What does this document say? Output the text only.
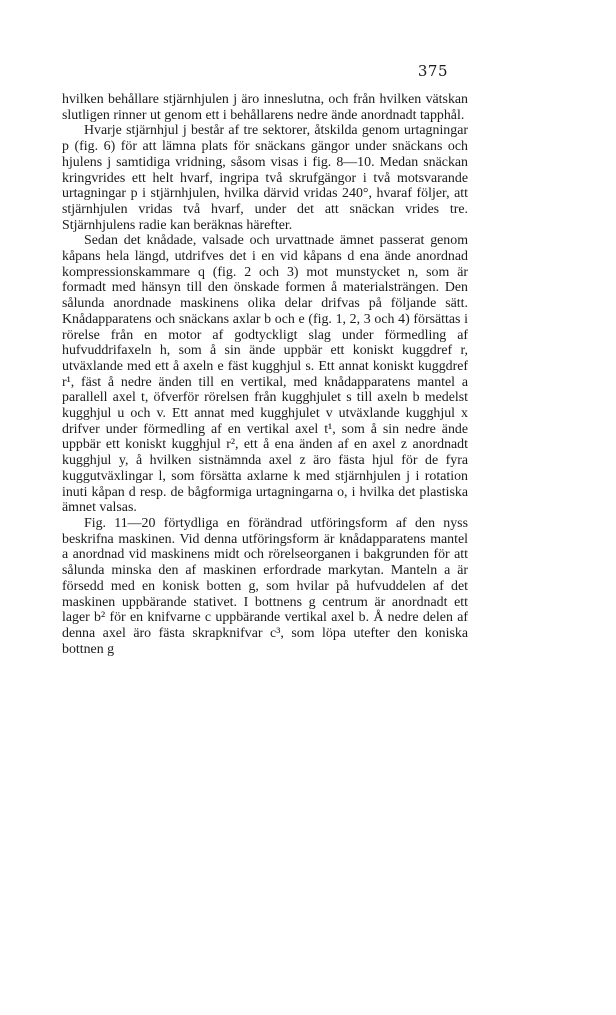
375

hvilken behållare stjärnhjulen j äro inneslutna, och från hvilken vätskan slutligen rinner ut genom ett i behållarens nedre ände anordnadt tapphål.

Hvarje stjärnhjul j består af tre sektorer, åtskilda genom urtagningar p (fig. 6) för att lämna plats för snäckans gängor under snäckans och hjulens j samtidiga vridning, såsom visas i fig. 8—10. Medan snäckan kringvrides ett helt hvarf, ingripa två skrufgängor i två motsvarande urtagningar p i stjärnhjulen, hvilka därvid vridas 240°, hvaraf följer, att stjärnhjulen vridas två hvarf, under det att snäckan vrides tre. Stjärnhjulens radie kan beräknas härefter.

Sedan det knådade, valsade och urvattnade ämnet passerat genom kåpans hela längd, utdrifves det i en vid kåpans d ena ände anordnad kompressionskammare q (fig. 2 och 3) mot munstycket n, som är formadt med hänsyn till den önskade formen å materialsträngen. Den sålunda anordnade maskinens olika delar drifvas på följande sätt. Knådapparatens och snäckans axlar b och e (fig. 1, 2, 3 och 4) försättas i rörelse från en motor af godtyckligt slag under förmedling af hufvuddrifaxeln h, som å sin ände uppbär ett koniskt kuggdref r, utväxlande med ett å axeln e fäst kugghjul s. Ett annat koniskt kuggdref r¹, fäst å nedre änden till en vertikal, med knådapparatens mantel a parallell axel t, öfverför rörelsen från kugghjulet s till axeln b medelst kugghjul u och v. Ett annat med kugghjulet v utväxlande kugghjul x drifver under förmedling af en vertikal axel t¹, som å sin nedre ände uppbär ett koniskt kugghjul r², ett å ena änden af en axel z anordnadt kugghjul y, å hvilken sistnämnda axel z äro fästa hjul för de fyra kuggutväxlingar l, som försätta axlarne k med stjärnhjulen j i rotation inuti kåpan d resp. de bågformiga urtagningarna o, i hvilka det plastiska ämnet valsas.

Fig. 11—20 förtydliga en förändrad utföringsform af den nyss beskrifna maskinen. Vid denna utföringsform är knådapparatens mantel a anordnad vid maskinens midt och rörelseorganen i bakgrunden för att sålunda minska den af maskinen erfordrade markytan. Manteln a är försedd med en konisk botten g, som hvilar på hufvuddelen af det maskinen uppbärande stativet. I bottnens g centrum är anordnadt ett lager b² för en knifvarne c uppbärande vertikal axel b. Å nedre delen af denna axel äro fästa skrapknifvar c³, som löpa utefter den koniska bottnen g
